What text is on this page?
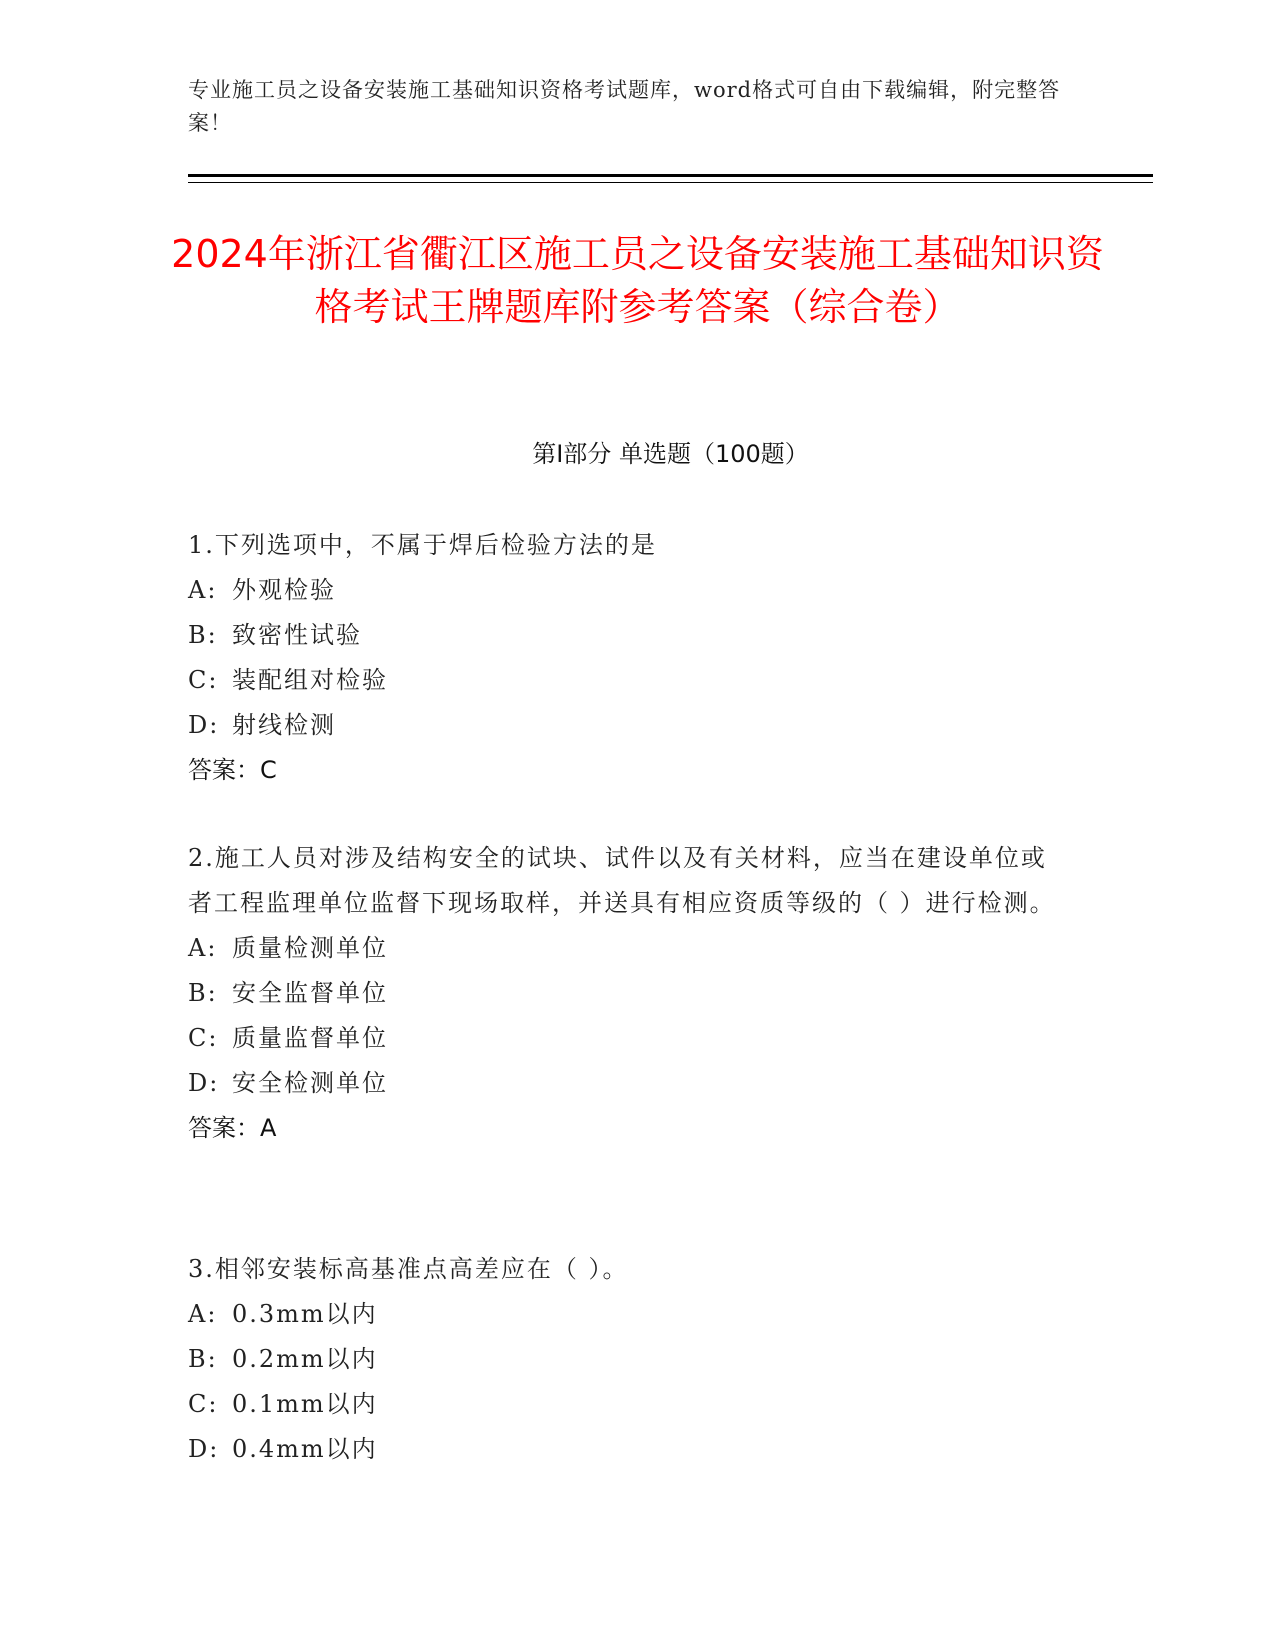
专业施工员之设备安装施工基础知识资格考试题库，word格式可自由下载编辑，附完整答案！
2024年浙江省衢江区施工员之设备安装施工基础知识资格考试王牌题库附参考答案（综合卷）
第I部分 单选题（100题）
1.下列选项中，不属于焊后检验方法的是
A: 外观检验
B: 致密性试验
C: 装配组对检验
D: 射线检测
答案：C
2.施工人员对涉及结构安全的试块、试件以及有关材料，应当在建设单位或者工程监理单位监督下现场取样，并送具有相应资质等级的（ ）进行检测。
A: 质量检测单位
B: 安全监督单位
C: 质量监督单位
D: 安全检测单位
答案：A
3.相邻安装标高基准点高差应在（ ）。
A: 0.3mm以内
B: 0.2mm以内
C: 0.1mm以内
D: 0.4mm以内
